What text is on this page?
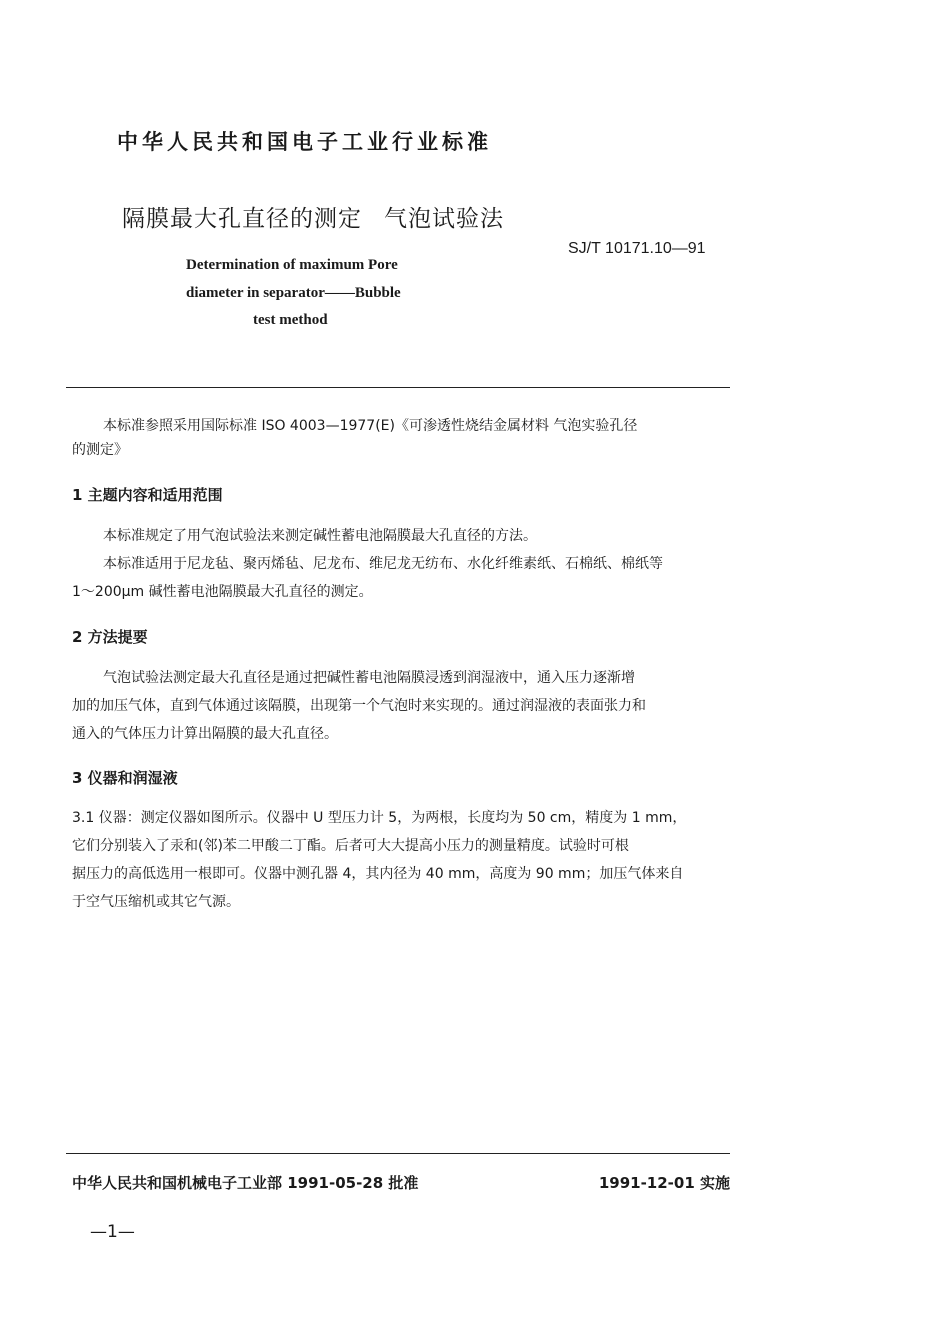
中华人民共和国电子工业行业标准
隔膜最大孔直径的测定 气泡试验法
SJ/T 10171.10—91
Determination of maximum Pore
diameter in separator——Bubble
test method
本标准参照采用国际标准 ISO 4003—1977(E)《可渗透性烧结金属材料 气泡实验孔径
的测定》
1 主题内容和适用范围
本标准规定了用气泡试验法来测定碱性蓄电池隔膜最大孔直径的方法。
本标准适用于尼龙毡、聚丙烯毡、尼龙布、维尼龙无纺布、水化纤维素纸、石棉纸、棉纸等
1～200μm 碱性蓄电池隔膜最大孔直径的测定。
2 方法提要
气泡试验法测定最大孔直径是通过把碱性蓄电池隔膜浸透到润湿液中，通入压力逐渐增
加的加压气体，直到气体通过该隔膜，出现第一个气泡时来实现的。通过润湿液的表面张力和
通入的气体压力计算出隔膜的最大孔直径。
3 仪器和润湿液
3.1 仪器：测定仪器如图所示。仪器中 U 型压力计 5，为两根，长度均为 50 cm，精度为 1 mm，
它们分别装入了汞和(邻)苯二甲酸二丁酯。后者可大大提高小压力的测量精度。试验时可根
据压力的高低选用一根即可。仪器中测孔器 4，其内径为 40 mm，高度为 90 mm；加压气体来自
于空气压缩机或其它气源。
中华人民共和国机械电子工业部 1991-05-28 批准	1991-12-01 实施
—1—
